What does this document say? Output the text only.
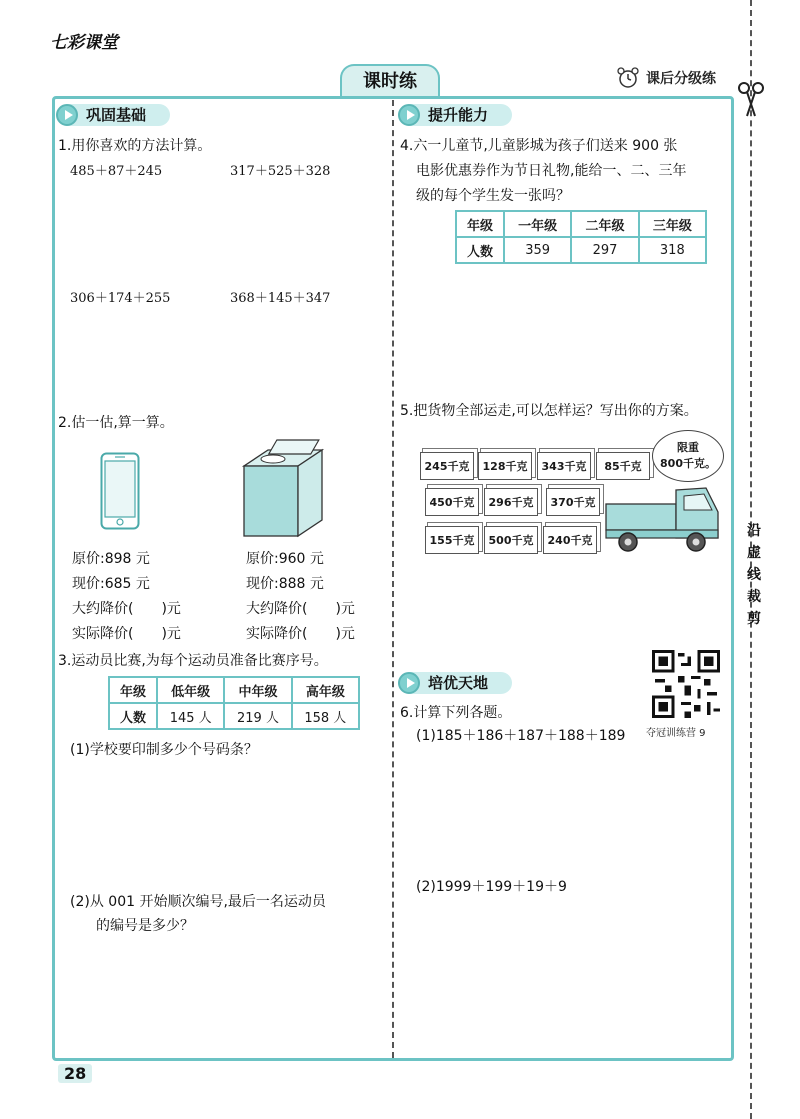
七彩课堂
课时练	课后分级练
沿
虚
线
裁
剪
巩固基础
1.用你喜欢的方法计算。
485＋87＋245	317＋525＋328
306＋174＋255	368＋145＋347
2.估一估,算一算。
原价:898 元
现价:685 元
大约降价(　　)元
实际降价(　　)元
原价:960 元
现价:888 元
大约降价(　　)元
实际降价(　　)元
3.运动员比赛,为每个运动员准备比赛序号。
年级	低年级	中年级	高年级
人数	145 人	219 人	158 人
(1)学校要印制多少个号码条？
(2)从 001 开始顺次编号,最后一名运动员
的编号是多少？
提升能力
4.六一儿童节,儿童影城为孩子们送来 900 张
电影优惠券作为节日礼物,能给一、二、三年
级的每个学生发一张吗？
年级	一年级	二年级	三年级
人数	359	297	318
5.把货物全部运走,可以怎样运？写出你的方案。
245千克	128千克	343千克	85千克
450千克	296千克	370千克
155千克	500千克	240千克
限重
800千克。
培优天地
夺冠训练营 9
6.计算下列各题。
(1)185＋186＋187＋188＋189
(2)1999＋199＋19＋9
28
